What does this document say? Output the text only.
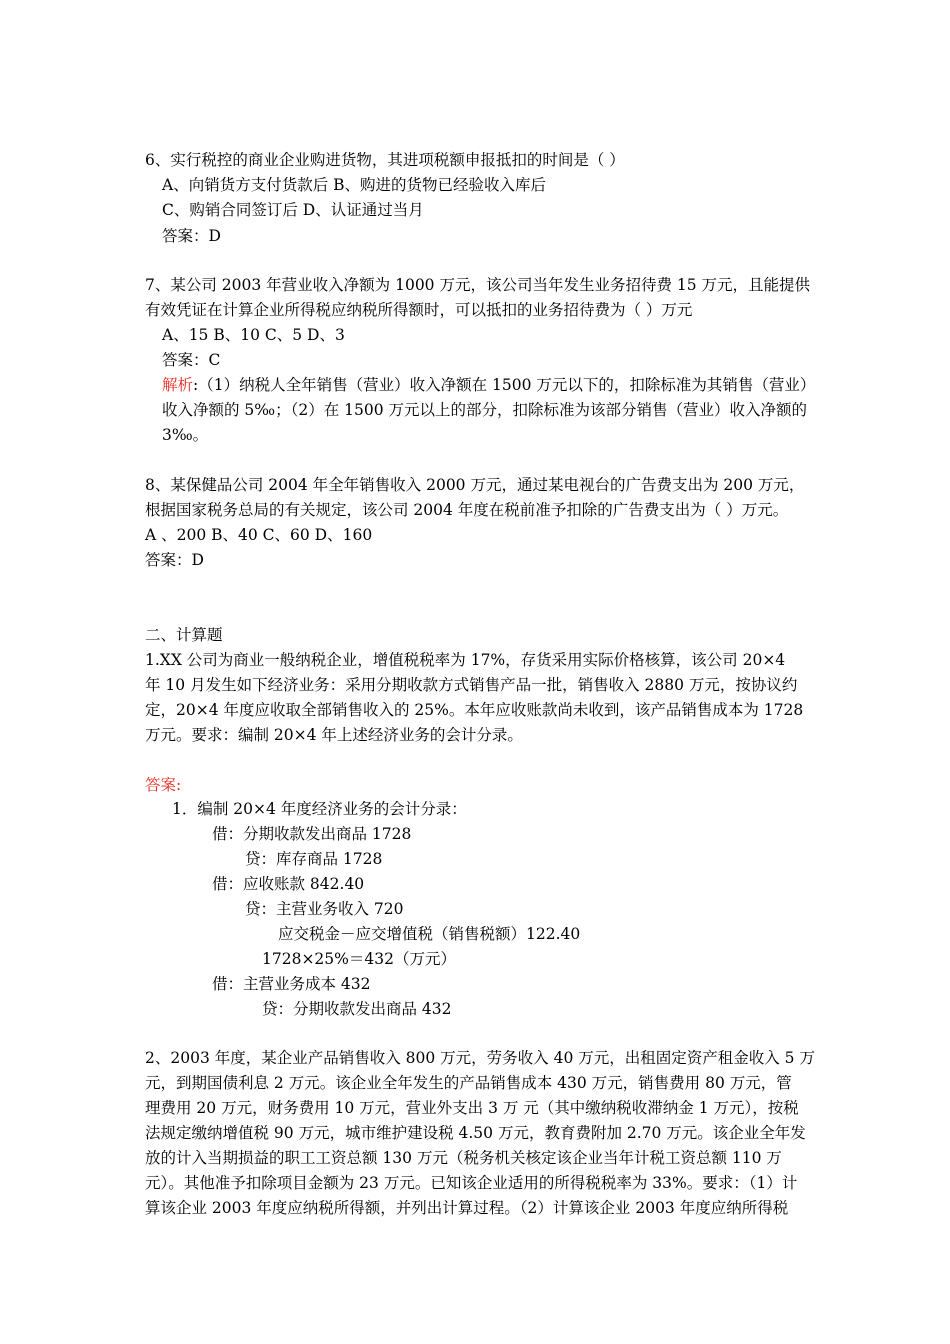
6、实行税控的商业企业购进货物，其进项税额申报抵扣的时间是（ ）
A、向销货方支付货款后 B、购进的货物已经验收入库后
C、购销合同签订后 D、认证通过当月
答案：D
7、某公司 2003 年营业收入净额为 1000 万元，该公司当年发生业务招待费 15 万元，且能提供
有效凭证在计算企业所得税应纳税所得额时，可以抵扣的业务招待费为（ ）万元
A、15 B、10 C、5 D、3
答案：C
解析:（1）纳税人全年销售（营业）收入净额在 1500 万元以下的，扣除标准为其销售（营业）
收入净额的 5‰；（2）在 1500 万元以上的部分，扣除标准为该部分销售（营业）收入净额的
3‰。
8、某保健品公司 2004 年全年销售收入 2000 万元，通过某电视台的广告费支出为 200 万元，
根据国家税务总局的有关规定，该公司 2004 年度在税前准予扣除的广告费支出为（ ）万元。
A 、200 B、40 C、60 D、160
答案：D
二、计算题
1.XX 公司为商业一般纳税企业，增值税税率为 17%，存货采用实际价格核算，该公司 20×4
年 10 月发生如下经济业务：采用分期收款方式销售产品一批，销售收入 2880 万元，按协议约
定，20×4 年度应收取全部销售收入的 25%。本年应收账款尚未收到，该产品销售成本为 1728
万元。要求：编制 20×4 年上述经济业务的会计分录。
答案:
1．编制 20×4 年度经济业务的会计分录：
借：分期收款发出商品 1728
贷：库存商品 1728
借：应收账款 842.40
贷：主营业务收入 720
应交税金－应交增值税（销售税额）122.40
1728×25%＝432（万元）
借：主营业务成本 432
贷：分期收款发出商品 432
2、2003 年度，某企业产品销售收入 800 万元，劳务收入 40 万元，出租固定资产租金收入 5 万
元，到期国债利息 2 万元。该企业全年发生的产品销售成本 430 万元，销售费用 80 万元，管
理费用 20 万元，财务费用 10 万元，营业外支出 3 万 元（其中缴纳税收滞纳金 1 万元），按税
法规定缴纳增值税 90 万元，城市维护建设税 4.50 万元，教育费附加 2.70 万元。该企业全年发
放的计入当期损益的职工工资总额 130 万元（税务机关核定该企业当年计税工资总额 110 万
元）。其他准予扣除项目金额为 23 万元。已知该企业适用的所得税税率为 33%。要求：（1）计
算该企业 2003 年度应纳税所得额，并列出计算过程。（2）计算该企业 2003 年度应纳所得税
